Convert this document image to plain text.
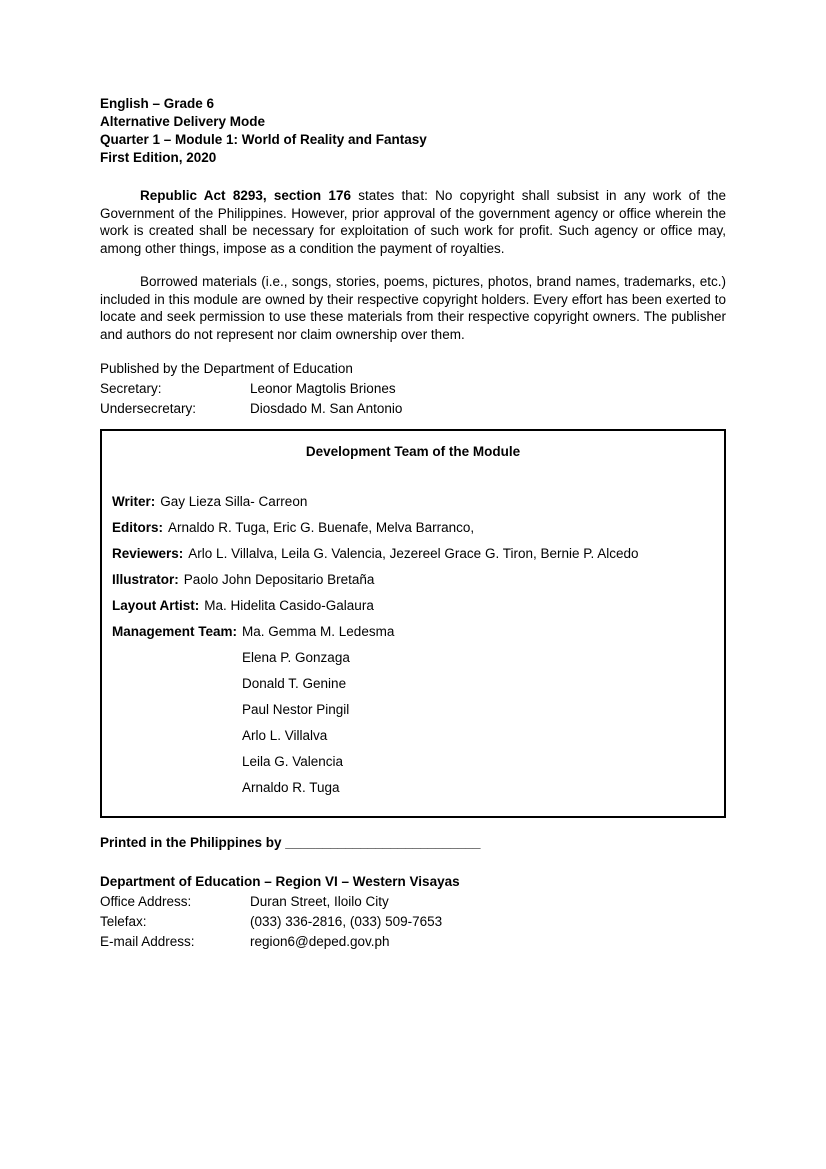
English – Grade 6
Alternative Delivery Mode
Quarter 1 – Module 1: World of Reality and Fantasy
First Edition, 2020

Republic Act 8293, section 176 states that: No copyright shall subsist in any work of the Government of the Philippines. However, prior approval of the government agency or office wherein the work is created shall be necessary for exploitation of such work for profit. Such agency or office may, among other things, impose as a condition the payment of royalties.

Borrowed materials (i.e., songs, stories, poems, pictures, photos, brand names, trademarks, etc.) included in this module are owned by their respective copyright holders. Every effort has been exerted to locate and seek permission to use these materials from their respective copyright owners. The publisher and authors do not represent nor claim ownership over them.

Published by the Department of Education
Secretary:	Leonor Magtolis Briones
Undersecretary:	Diosdado M. San Antonio
Development Team of the Module
Writer: Gay Lieza Silla- Carreon
Editors: Arnaldo R. Tuga, Eric G. Buenafe, Melva Barranco,
Reviewers: Arlo L. Villalva, Leila G. Valencia, Jezereel Grace G. Tiron, Bernie P. Alcedo
Illustrator: Paolo John Depositario Bretaña
Layout Artist: Ma. Hidelita Casido-Galaura
Management Team: Ma. Gemma M. Ledesma
Elena P. Gonzaga
Donald T. Genine
Paul Nestor Pingil
Arlo L. Villalva
Leila G. Valencia
Arnaldo R. Tuga
Printed in the Philippines by __________________________
Department of Education – Region VI – Western Visayas
Office Address:	Duran Street, Iloilo City
Telefax:	(033) 336-2816, (033) 509-7653
E-mail Address:	region6@deped.gov.ph
